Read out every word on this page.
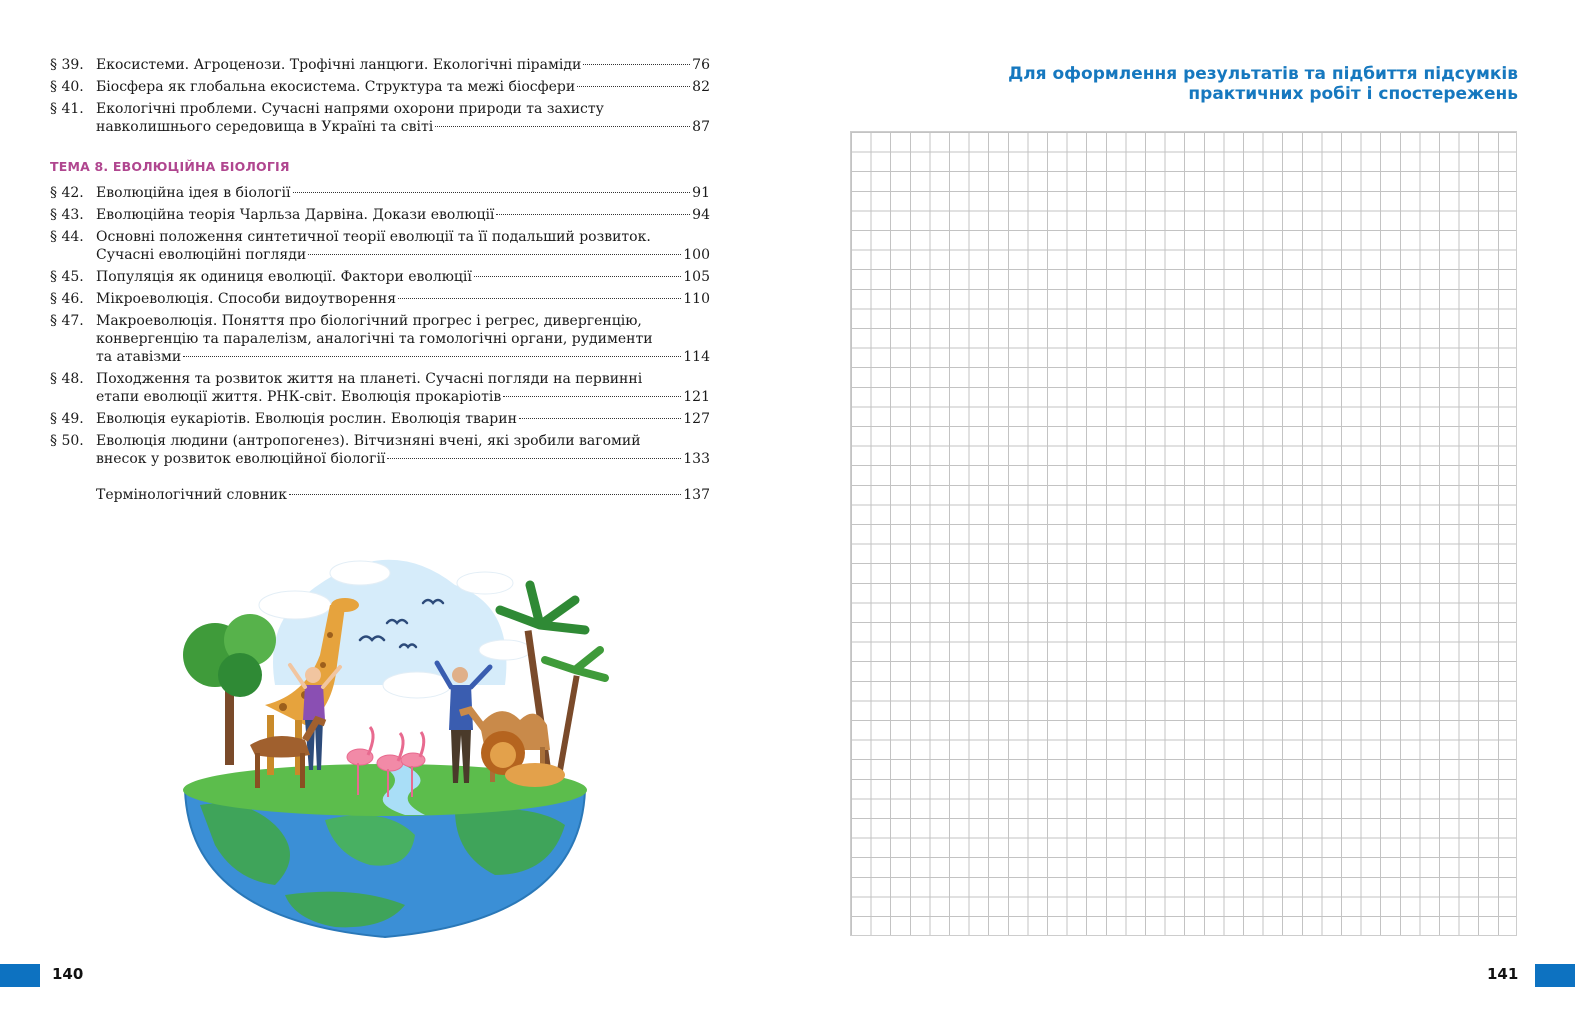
§ 39. Екосистеми. Агроценози. Трофічні ланцюги. Екологічні піраміди	76
§ 40. Біосфера як глобальна екосистема. Структура та межі біосфери	82
§ 41. Екологічні проблеми. Сучасні напрями охорони природи та захисту
навколишнього середовища в Україні та світі	87
ТЕМА 8. ЕВОЛЮЦІЙНА БІОЛОГІЯ
§ 42. Еволюційна ідея в біології	91
§ 43. Еволюційна теорія Чарльза Дарвіна. Докази еволюції	94
§ 44. Основні положення синтетичної теорії еволюції та її подальший розвиток.
Сучасні еволюційні погляди	100
§ 45. Популяція як одиниця еволюції. Фактори еволюції	105
§ 46. Мікроеволюція. Способи видоутворення	110
§ 47. Макроеволюція. Поняття про біологічний прогрес і регрес, дивергенцію,
конвергенцію та паралелізм, аналогічні та гомологічні органи, рудименти
та атавізми	114
§ 48. Походження та розвиток життя на планеті. Сучасні погляди на первинні
етапи еволюції життя. РНК-світ. Еволюція прокаріотів	121
§ 49. Еволюція еукаріотів. Еволюція рослин. Еволюція тварин	127
§ 50. Еволюція людини (антропогенез). Вітчизняні вчені, які зробили вагомий
внесок у розвиток еволюційної біології	133
Термінологічний словник	137
140
Для оформлення результатів та підбиття підсумків
практичних робіт і спостережень
141
